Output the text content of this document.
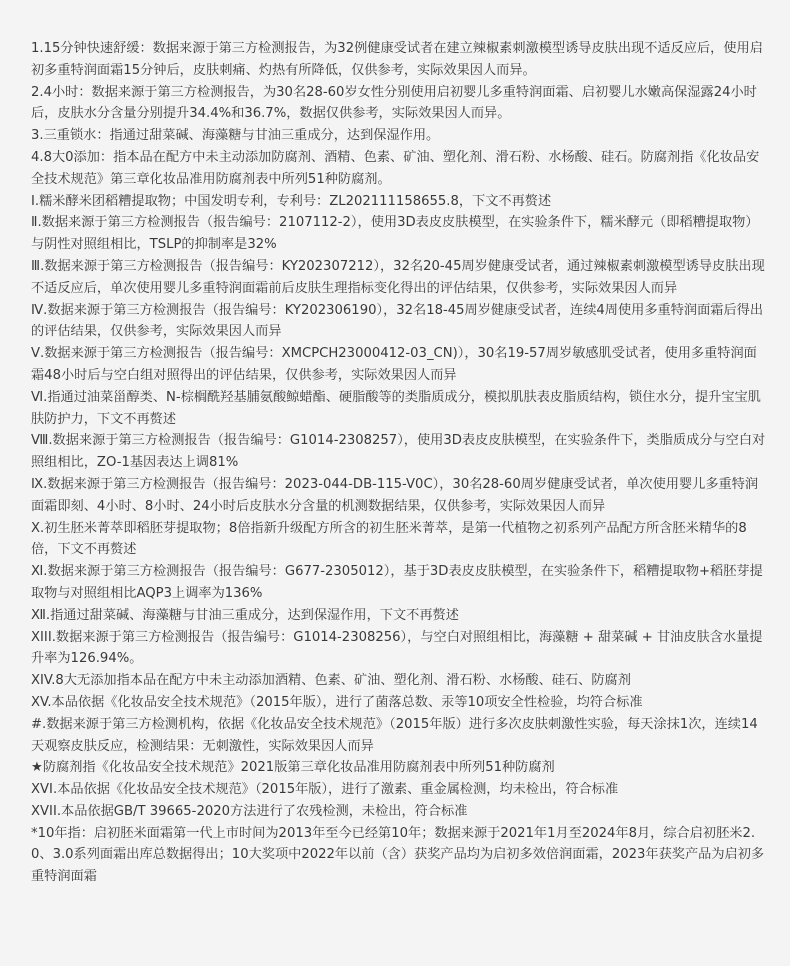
1.15分钟快速舒缓：数据来源于第三方检测报告，为32例健康受试者在建立辣椒素刺激模型诱导皮肤出现不适反应后，使用启初多重特润面霜15分钟后，皮肤刺痛、灼热有所降低，仅供参考，实际效果因人而异。

2.4小时：数据来源于第三方检测报告，为30名28-60岁女性分别使用启初婴儿多重特润面霜、启初婴儿水嫩高保湿露24小时后，皮肤水分含量分别提升34.4%和36.7%，数据仅供参考，实际效果因人而异。

3.三重锁水：指通过甜菜碱、海藻糖与甘油三重成分，达到保湿作用。

4.8大0添加：指本品在配方中未主动添加防腐剂、酒精、色素、矿油、塑化剂、滑石粉、水杨酸、硅石。防腐剂指《化妆品安全技术规范》第三章化妆品准用防腐剂表中所列51种防腐剂。

Ⅰ.糯米酵米团稻糟提取物；中国发明专利，专利号：ZL202111158655.8，下文不再赘述

Ⅱ.数据来源于第三方检测报告（报告编号：2107112-2），使用3D表皮皮肤模型，在实验条件下，糯米酵元（即稻糟提取物）与阴性对照组相比，TSLP的抑制率是32%

Ⅲ.数据来源于第三方检测报告（报告编号：KY202307212），32名20-45周岁健康受试者，通过辣椒素刺激模型诱导皮肤出现不适反应后，单次使用婴儿多重特润面霜前后皮肤生理指标变化得出的评估结果，仅供参考，实际效果因人而异

Ⅳ.数据来源于第三方检测报告（报告编号：KY202306190），32名18-45周岁健康受试者，连续4周使用多重特润面霜后得出的评估结果，仅供参考，实际效果因人而异

Ⅴ.数据来源于第三方检测报告（报告编号：XMCPCH23000412-03_CN)），30名19-57周岁敏感肌受试者，使用多重特润面霜48小时后与空白组对照得出的评估结果，仅供参考，实际效果因人而异

Ⅵ.指通过油菜甾醇类、N-棕榈酰羟基脯氨酸鲸蜡酯、硬脂酸等的类脂质成分，模拟肌肤表皮脂质结构，锁住水分，提升宝宝肌肤防护力，下文不再赘述

Ⅷ.数据来源于第三方检测报告（报告编号：G1014-2308257），使用3D表皮皮肤模型，在实验条件下，类脂质成分与空白对照组相比，ZO-1基因表达上调81%

Ⅸ.数据来源于第三方检测报告（报告编号：2023-044-DB-115-V0C），30名28-60周岁健康受试者，单次使用婴儿多重特润面霜即刻、4小时、8小时、24小时后皮肤水分含量的机测数据结果，仅供参考，实际效果因人而异

Ⅹ.初生胚米菁萃即稻胚芽提取物；8倍指新升级配方所含的初生胚米菁萃，是第一代植物之初系列产品配方所含胚米精华的8倍，下文不再赘述

Ⅺ.数据来源于第三方检测报告（报告编号：G677-2305012），基于3D表皮皮肤模型，在实验条件下，稻糟提取物+稻胚芽提取物与对照组相比AQP3上调率为136%

Ⅻ.指通过甜菜碱、海藻糖与甘油三重成分，达到保湿作用，下文不再赘述

XIII.数据来源于第三方检测报告（报告编号：G1014-2308256），与空白对照组相比，海藻糖 + 甜菜碱 + 甘油皮肤含水量提升率为126.94%。

XIV.8大无添加指本品在配方中未主动添加酒精、色素、矿油、塑化剂、滑石粉、水杨酸、硅石、防腐剂

XV.本品依据《化妆品安全技术规范》（2015年版），进行了菌落总数、汞等10项安全性检验，均符合标准

#.数据来源于第三方检测机构，依据《化妆品安全技术规范》（2015年版）进行多次皮肤刺激性实验，每天涂抹1次，连续14天观察皮肤反应，检测结果：无刺激性，实际效果因人而异

★防腐剂指《化妆品安全技术规范》2021版第三章化妆品准用防腐剂表中所列51种防腐剂

XVI.本品依据《化妆品安全技术规范》（2015年版），进行了激素、重金属检测，均未检出，符合标准

XVII.本品依据GB/T 39665-2020方法进行了农残检测，未检出，符合标准

*10年指：启初胚米面霜第一代上市时间为2013年至今已经第10年；数据来源于2021年1月至2024年8月，综合启初胚米2.0、3.0系列面霜出库总数据得出；10大奖项中2022年以前（含）获奖产品均为启初多效倍润面霜，2023年获奖产品为启初多重特润面霜
